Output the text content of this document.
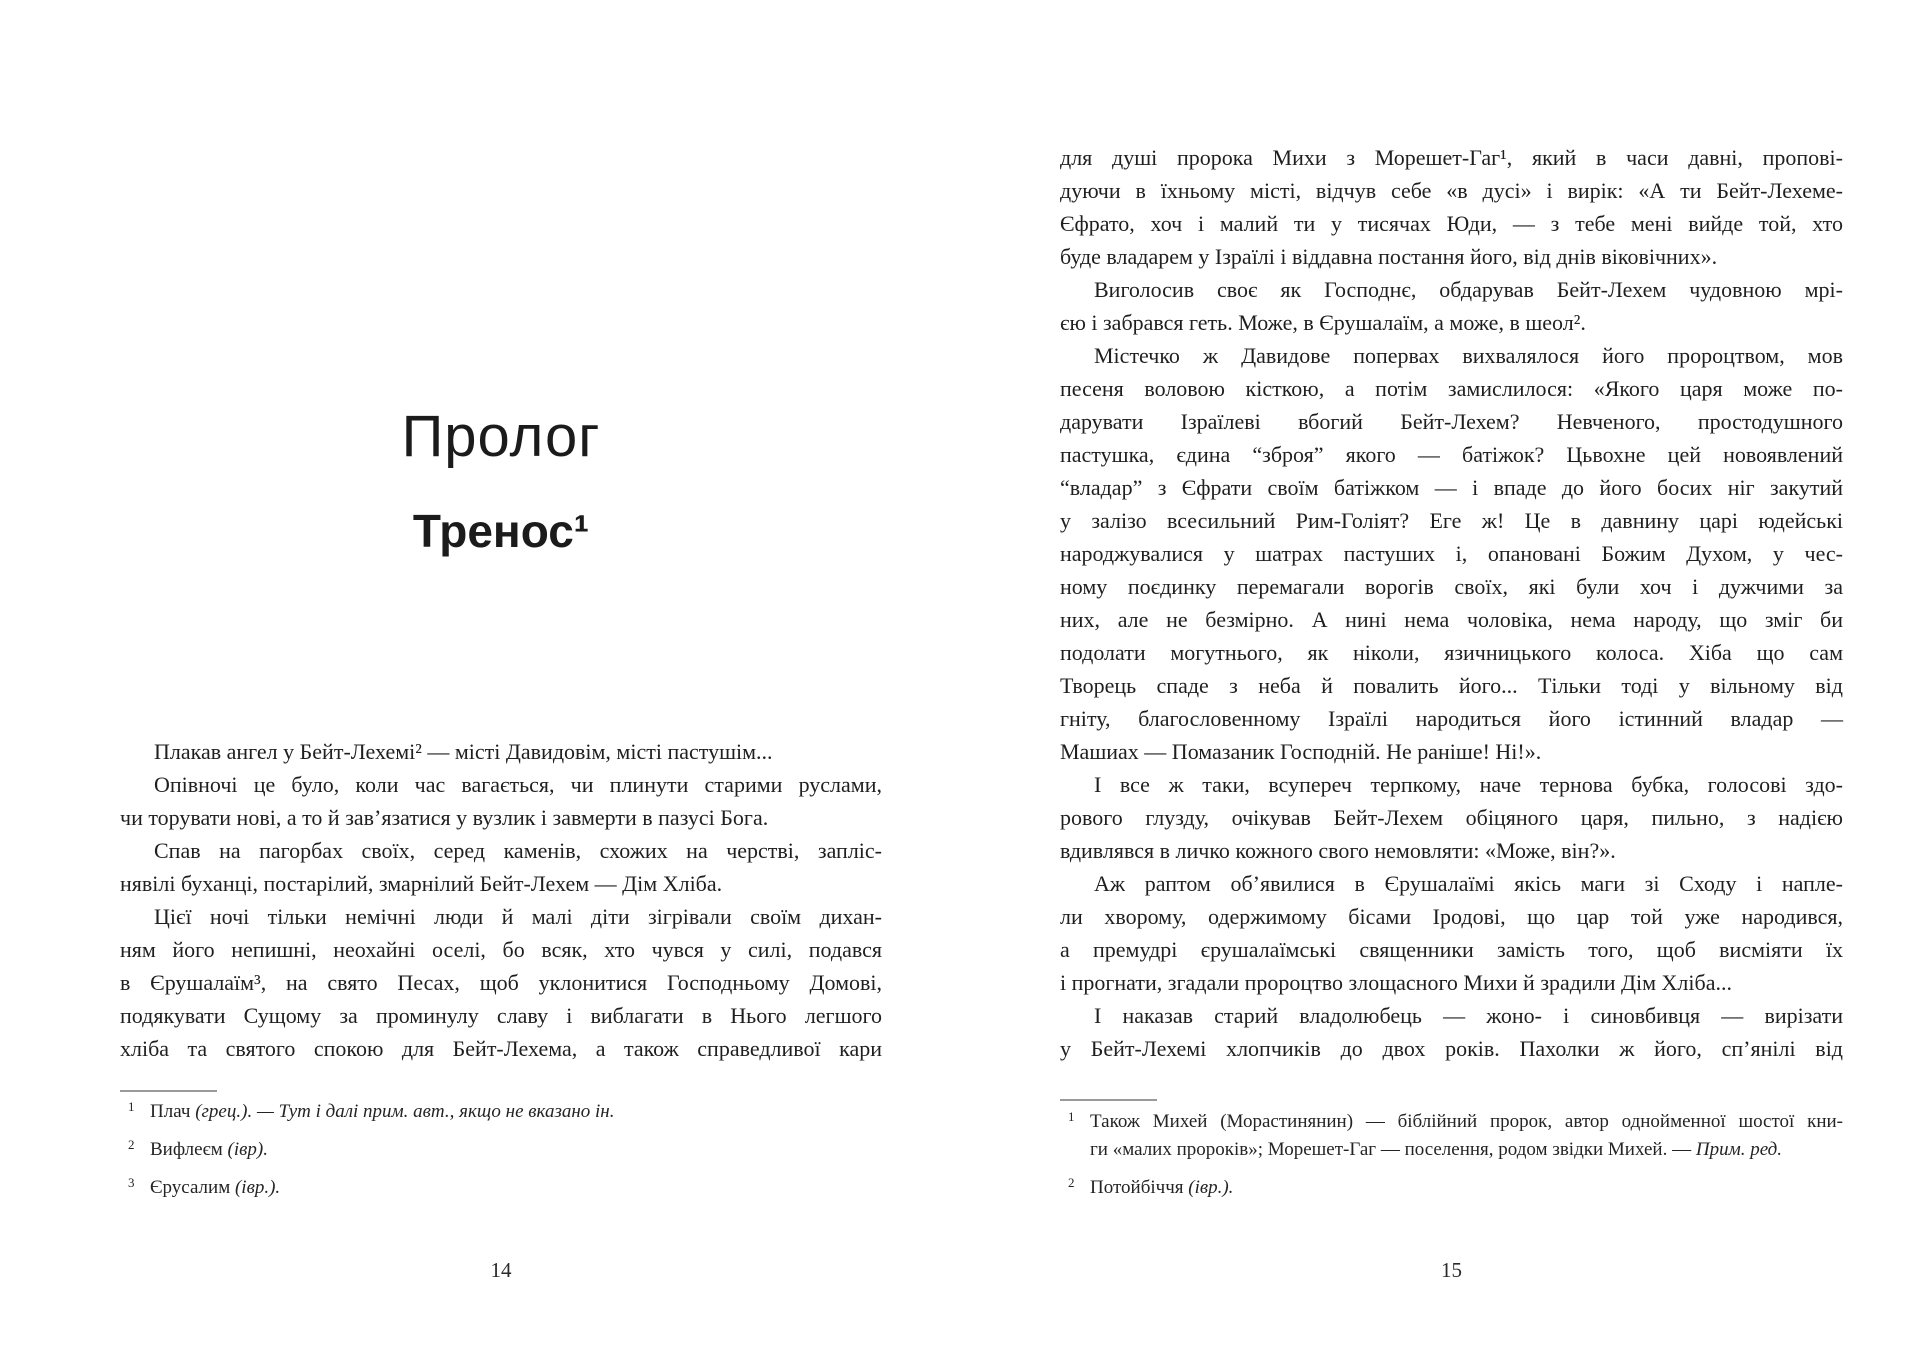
Пролог
Тренос¹
Плакав ангел у Бейт-Лехемі² — місті Давидовім, місті пастушім...
Опівночі це було, коли час вагається, чи плинути старими руслами,
чи торувати нові, а то й зав’язатися у вузлик і завмерти в пазусі Бога.
Спав на пагорбах своїх, серед каменів, схожих на черстві, запліс-
нявілі буханці, постарілий, змарнілий Бейт-Лехем — Дім Хліба.
Цієї ночі тільки немічні люди й малі діти зігрівали своїм дихан-
ням його непишні, неохайні оселі, бо всяк, хто чувся у силі, подався
в Єрушалаїм³, на свято Песах, щоб уклонитися Господньому Домові,
подякувати Сущому за проминулу славу і виблагати в Нього легшого
хліба та святого спокою для Бейт-Лехема, а також справедливої кари
1 Плач (грец.). — Тут і далі прим. авт., якщо не вказано ін.
2 Вифлеєм (івр).
3 Єрусалим (івр.).
14
для душі пророка Михи з Морешет-Гаг¹, який в часи давні, пропові-
дуючи в їхньому місті, відчув себе «в дусі» і вирік: «А ти Бейт-Лехеме-
Єфрато, хоч і малий ти у тисячах Юди, — з тебе мені вийде той, хто
буде владарем у Ізраїлі і віддавна постання його, від днів віковічних».
Виголосив своє як Господнє, обдарував Бейт-Лехем чудовною мрі-
єю і забрався геть. Може, в Єрушалаїм, а може, в шеол².
Містечко ж Давидове попервах вихвалялося його пророцтвом, мов
песеня воловою кісткою, а потім замислилося: «Якого царя може по-
дарувати Ізраїлеві вбогий Бейт-Лехем? Невченого, простодушного
пастушка, єдина “зброя” якого — батіжок? Цьвохне цей новоявлений
“владар” з Єфрати своїм батіжком — і впаде до його босих ніг закутий
у залізо всесильний Рим-Голіят? Еге ж! Це в давнину царі юдейські
народжувалися у шатрах пастуших і, опановані Божим Духом, у чес-
ному поєдинку перемагали ворогів своїх, які були хоч і дужчими за
них, але не безмірно. А нині нема чоловіка, нема народу, що зміг би
подолати могутнього, як ніколи, язичницького колоса. Хіба що сам
Творець спаде з неба й повалить його... Тільки тоді у вільному від
гніту, благословенному Ізраїлі народиться його істинний владар —
Машиах — Помазаник Господній. Не раніше! Ні!».
І все ж таки, всупереч терпкому, наче тернова бубка, голосові здо-
рового глузду, очікував Бейт-Лехем обіцяного царя, пильно, з надією
вдивлявся в личко кожного свого немовляти: «Може, він?».
Аж раптом об’явилися в Єрушалаїмі якісь маги зі Сходу і напле-
ли хворому, одержимому бісами Іродові, що цар той уже народився,
а премудрі єрушалаїмські священники замість того, щоб висміяти їх
і прогнати, згадали пророцтво злощасного Михи й зрадили Дім Хліба...
І наказав старий владолюбець — жоно- і синовбивця — вирізати
у Бейт-Лехемі хлопчиків до двох років. Пахолки ж його, сп’янілі від
1 Також Михей (Морастинянин) — біблійний пророк, автор однойменної шостої кни-
ги «малих пророків»; Морешет-Гаг — поселення, родом звідки Михей. — Прим. ред.
2 Потойбіччя (івр.).
15
